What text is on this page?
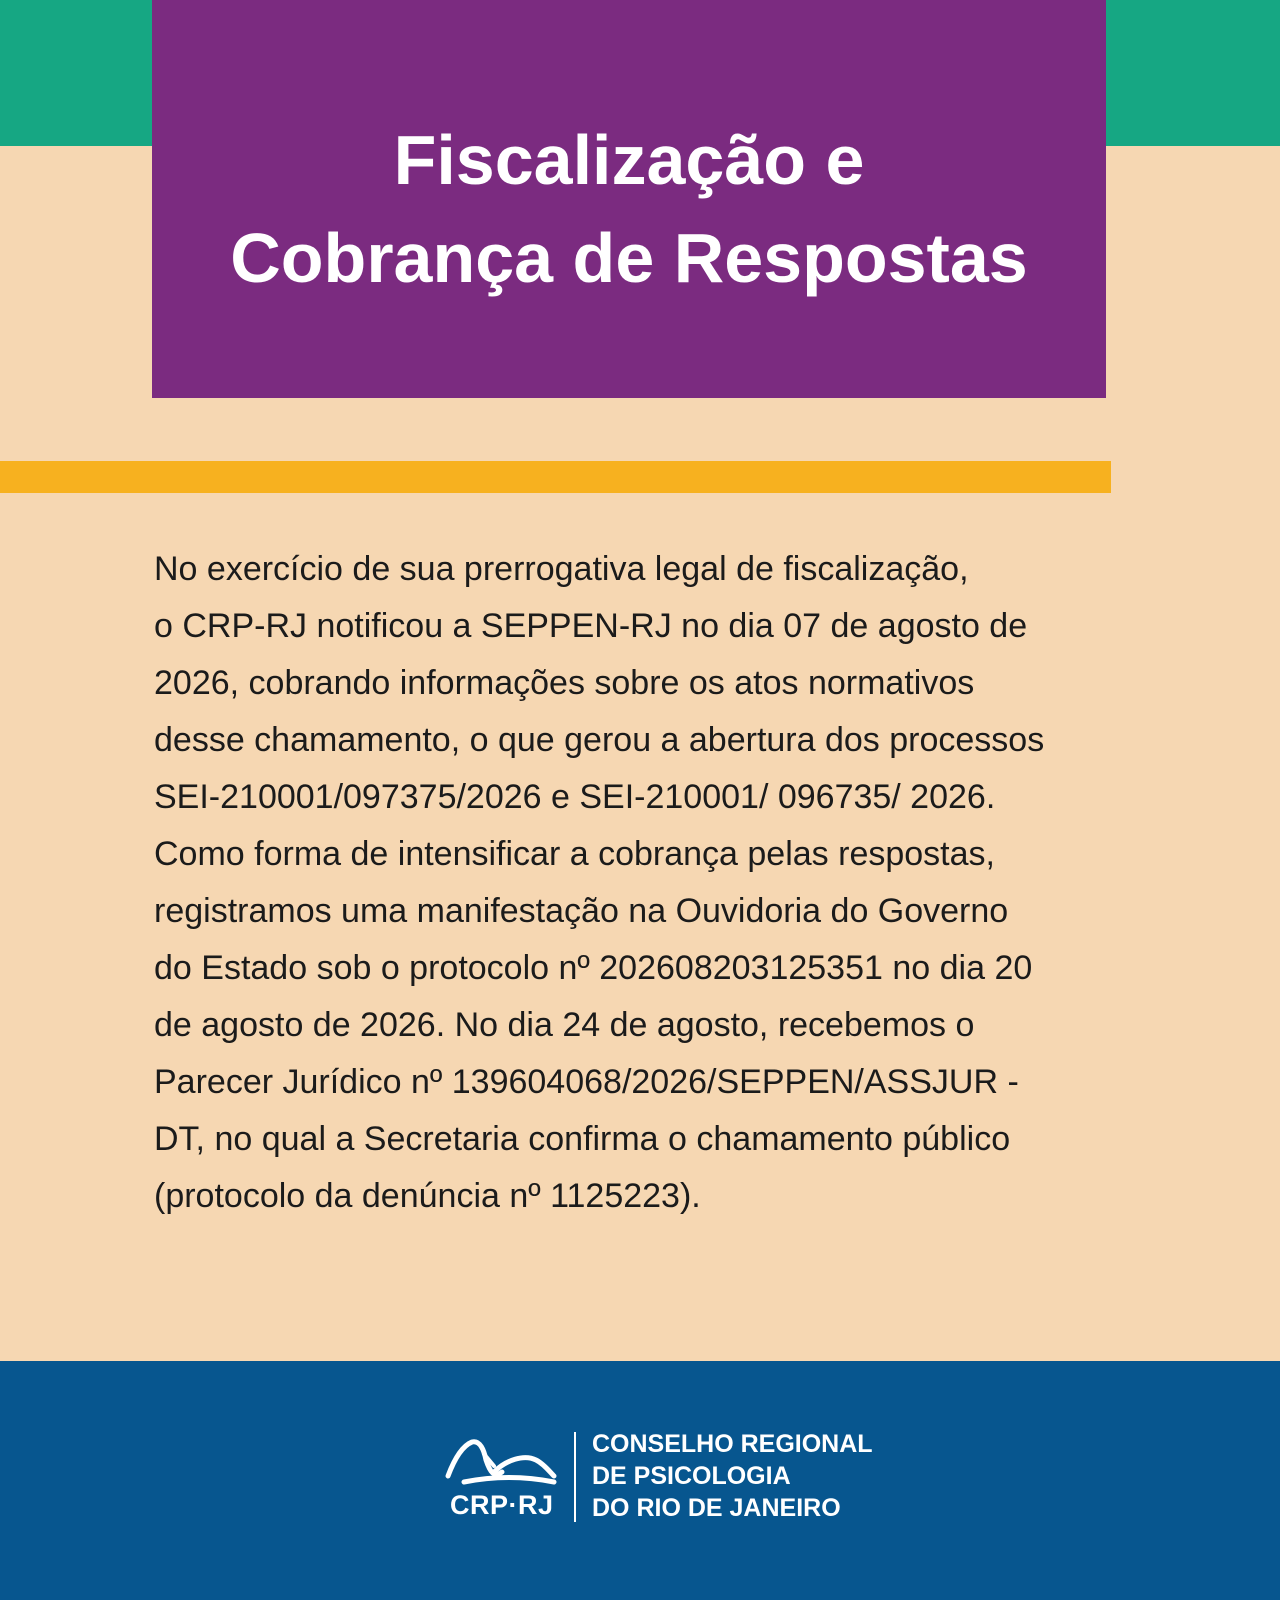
Fiscalização e
Cobrança de Respostas
No exercício de sua prerrogativa legal de fiscalização,
o CRP-RJ notificou a SEPPEN-RJ no dia 07 de agosto de
2026, cobrando informações sobre os atos normativos
desse chamamento, o que gerou a abertura dos processos
SEI-210001/097375/2026 e SEI-210001/ 096735/ 2026.
Como forma de intensificar a cobrança pelas respostas,
registramos uma manifestação na Ouvidoria do Governo
do Estado sob o protocolo nº 202608203125351 no dia 20
de agosto de 2026. No dia 24 de agosto, recebemos o
Parecer Jurídico nº 139604068/2026/SEPPEN/ASSJUR -
DT, no qual a Secretaria confirma o chamamento público
(protocolo da denúncia nº 1125223).
CRP·RJ
CONSELHO REGIONAL
DE PSICOLOGIA
DO RIO DE JANEIRO
